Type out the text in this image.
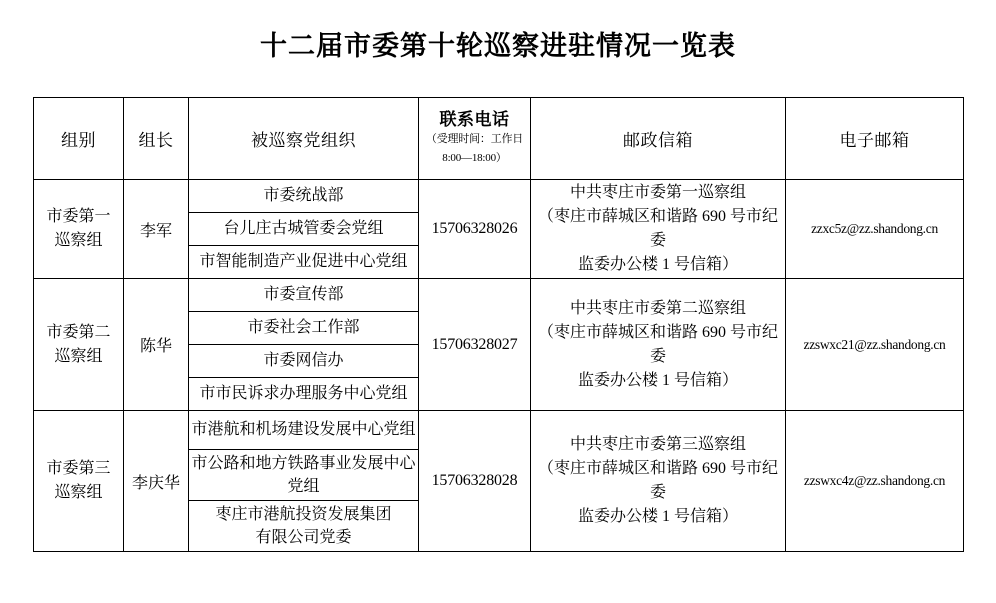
十二届市委第十轮巡察进驻情况一览表
组别	组长	被巡察党组织	联系电话
（受理时间：工作日
8:00—18:00）	邮政信箱	电子邮箱
市委第一
巡察组	李军	市委统战部	15706328026	中共枣庄市委第一巡察组
（枣庄市薛城区和谐路 690 号市纪委
监委办公楼 1 号信箱）	zzxc5z@zz.shandong.cn
		台儿庄古城管委会党组			
		市智能制造产业促进中心党组			
市委第二
巡察组	陈华	市委宣传部	15706328027	中共枣庄市委第二巡察组
（枣庄市薛城区和谐路 690 号市纪委
监委办公楼 1 号信箱）	zzswxc21@zz.shandong.cn
		市委社会工作部			
		市委网信办			
		市市民诉求办理服务中心党组			
市委第三
巡察组	李庆华	市港航和机场建设发展中心党组	15706328028	中共枣庄市委第三巡察组
（枣庄市薛城区和谐路 690 号市纪委
监委办公楼 1 号信箱）	zzswxc4z@zz.shandong.cn
		市公路和地方铁路事业发展中心
党组			
		枣庄市港航投资发展集团
有限公司党委			
